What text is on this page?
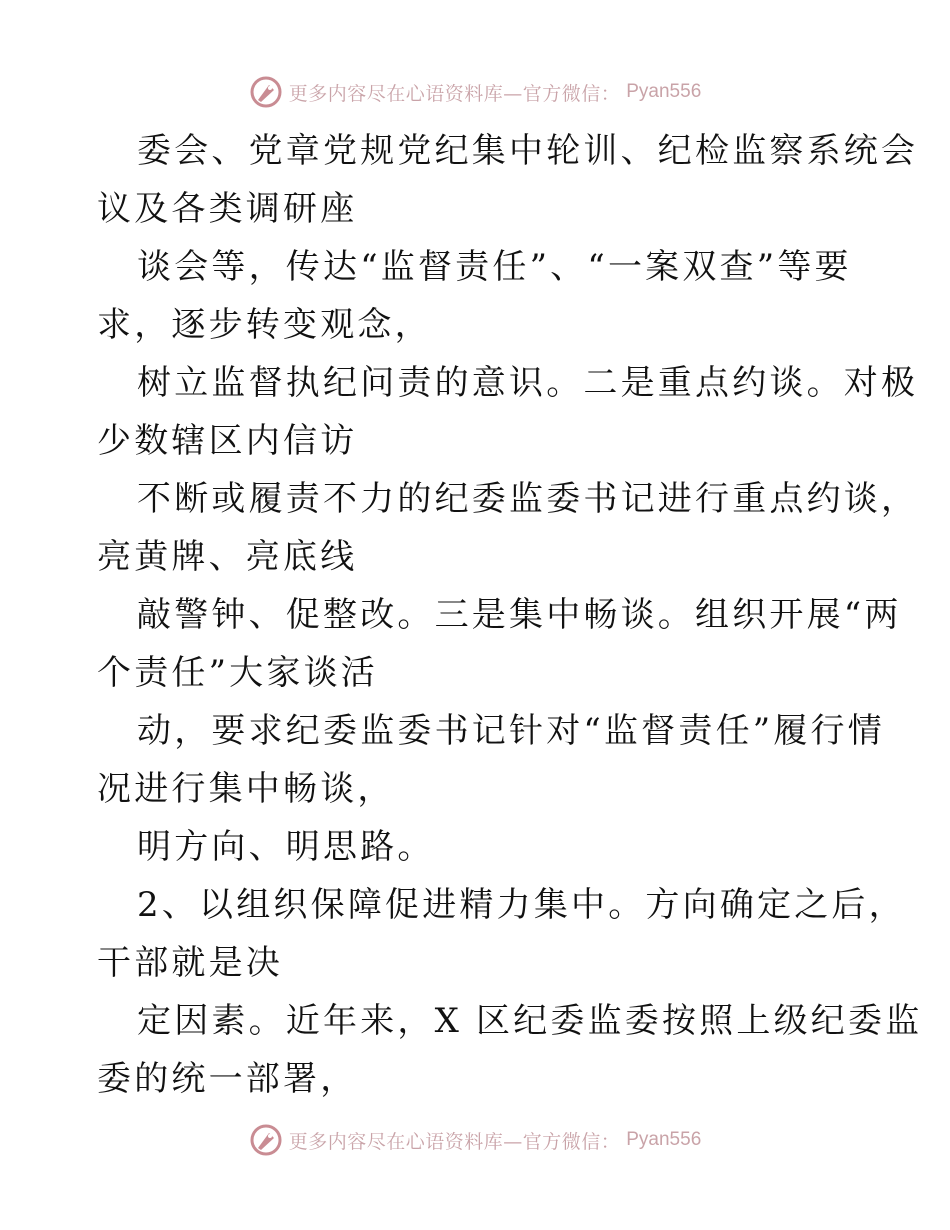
更多内容尽在心语资料库—官方微信： Pyan556
委会、党章党规党纪集中轮训、纪检监察系统会
议及各类调研座
谈会等，传达“监督责任”、“一案双查”等要
求，逐步转变观念，
树立监督执纪问责的意识。二是重点约谈。对极
少数辖区内信访
不断或履责不力的纪委监委书记进行重点约谈，
亮黄牌、亮底线
敲警钟、促整改。三是集中畅谈。组织开展“两
个责任”大家谈活
动，要求纪委监委书记针对“监督责任”履行情
况进行集中畅谈，
明方向、明思路。
2、以组织保障促进精力集中。方向确定之后，
干部就是决
定因素。近年来，X 区纪委监委按照上级纪委监
委的统一部署，
更多内容尽在心语资料库—官方微信： Pyan556
